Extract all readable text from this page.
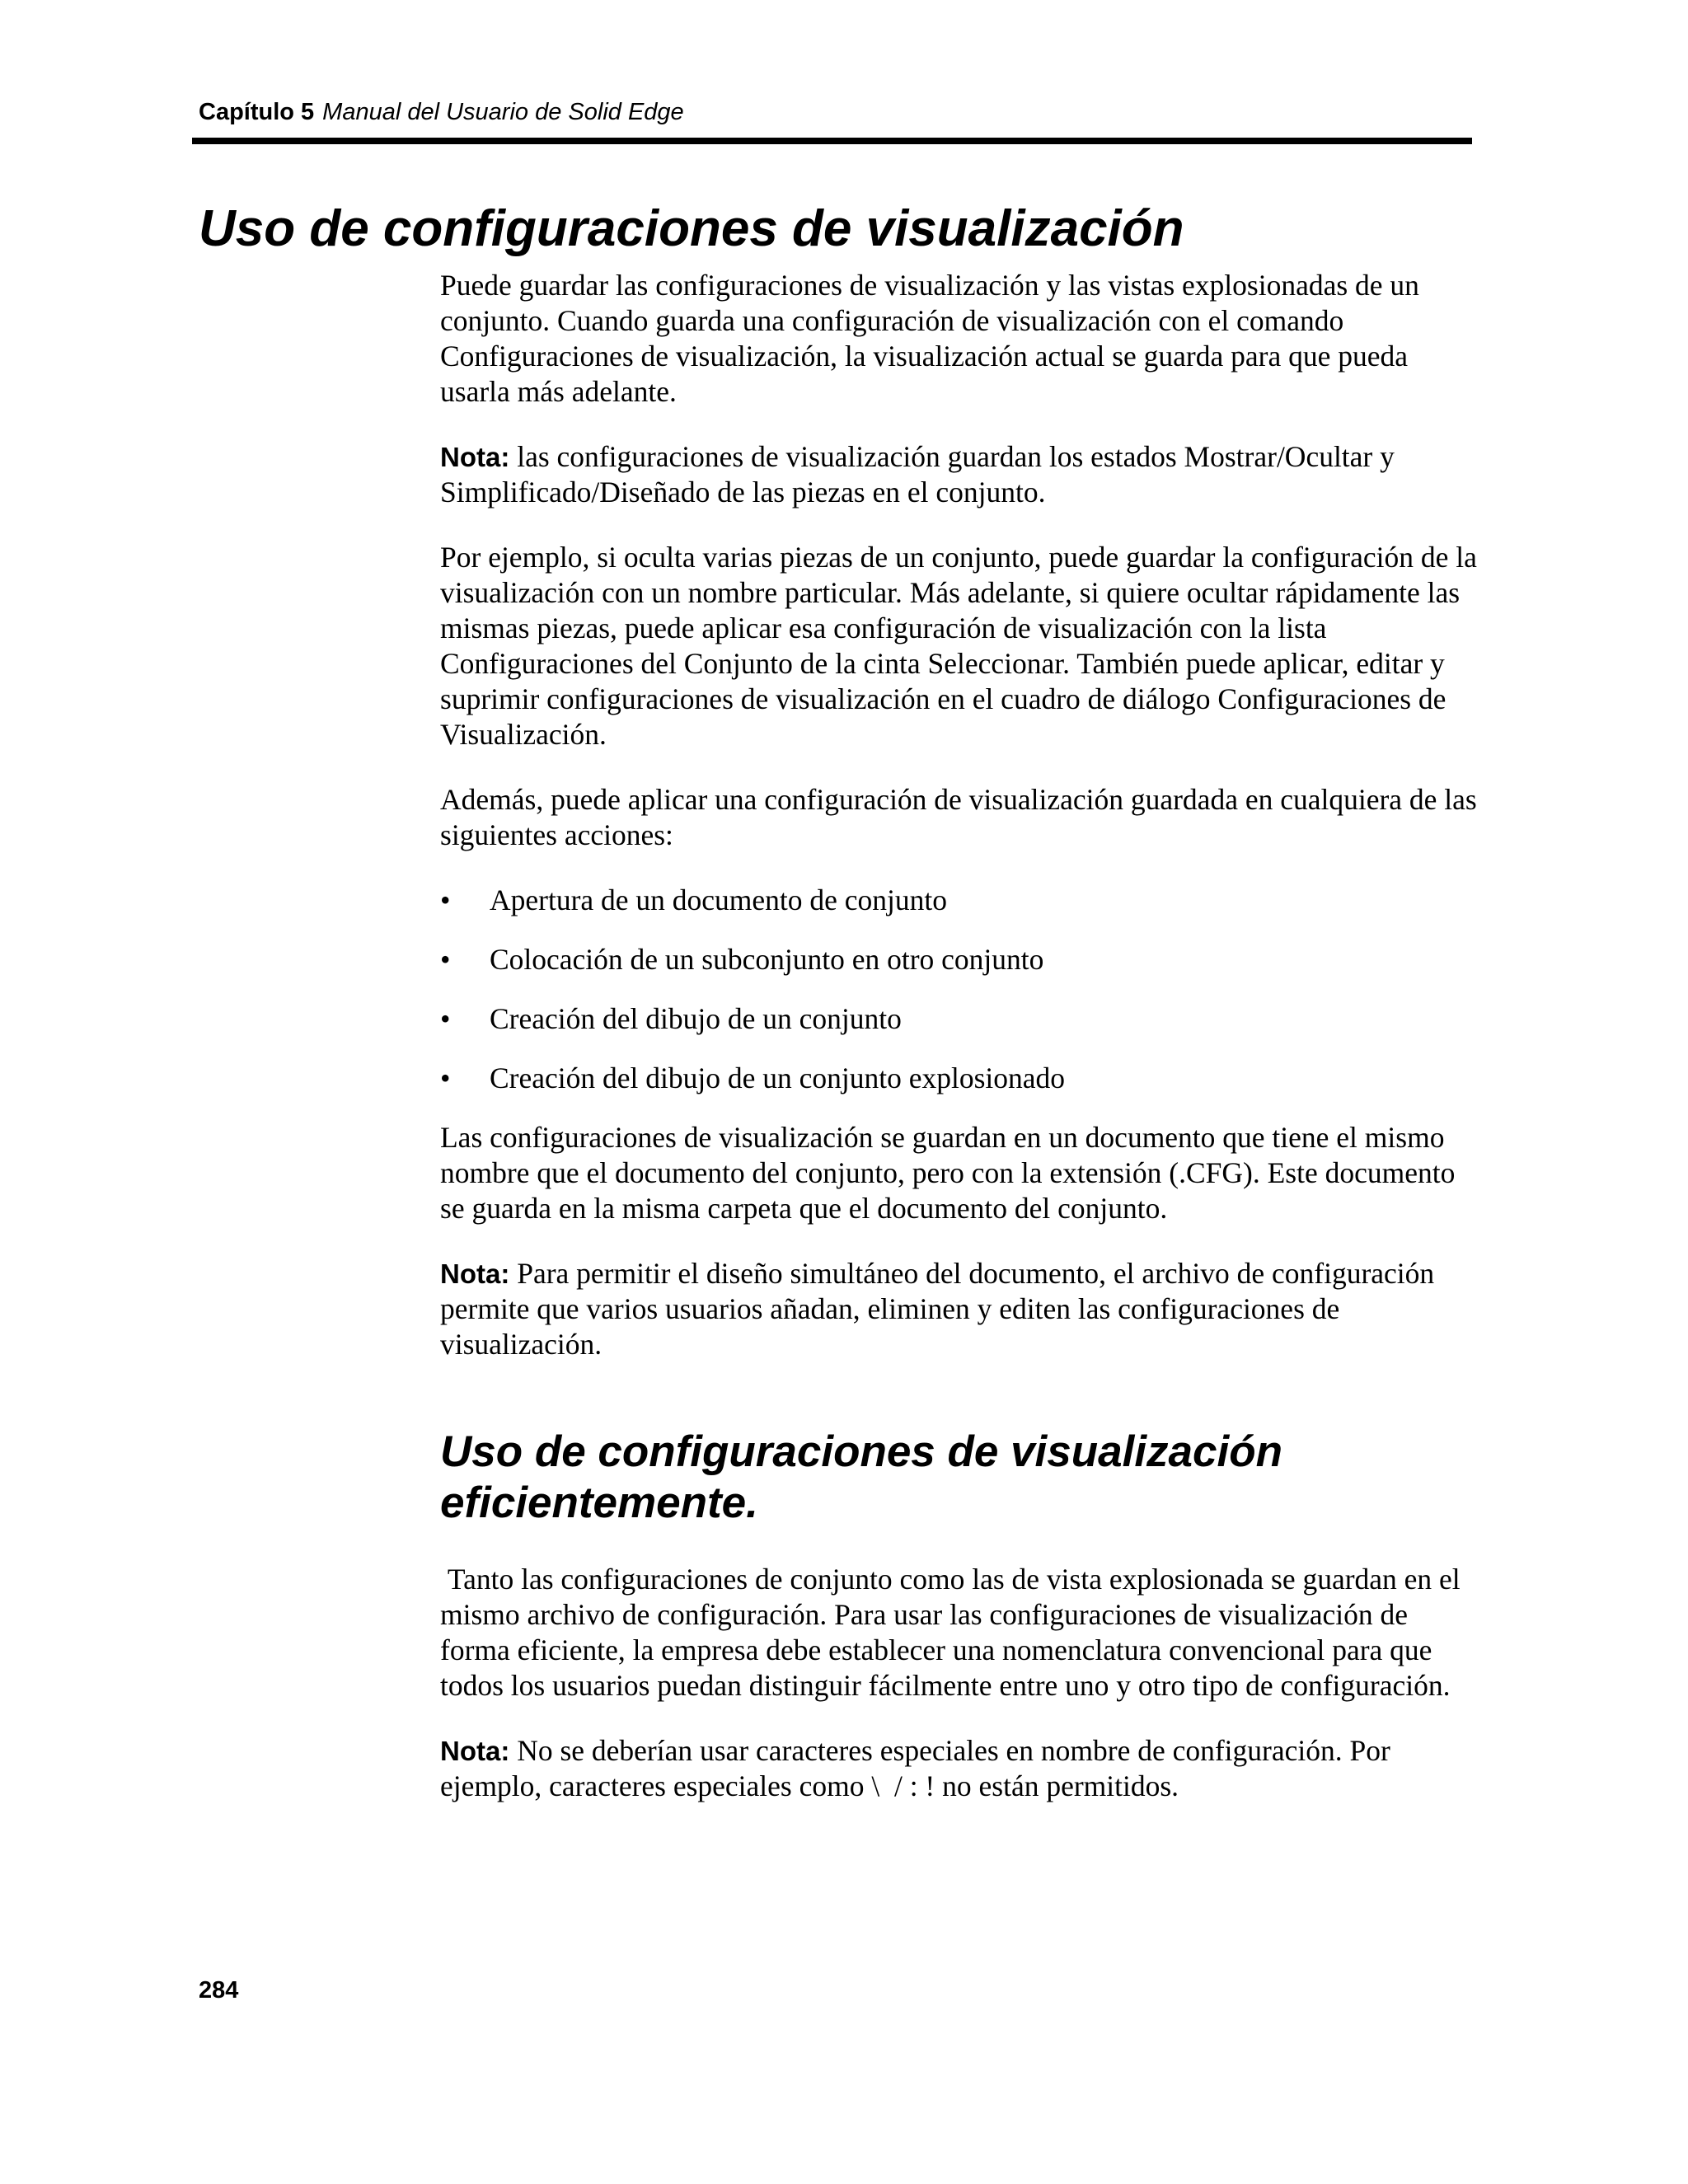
Capítulo 5 Manual del Usuario de Solid Edge
Uso de configuraciones de visualización

Puede guardar las configuraciones de visualización y las vistas explosionadas de un conjunto. Cuando guarda una configuración de visualización con el comando Configuraciones de visualización, la visualización actual se guarda para que pueda usarla más adelante.

Nota: las configuraciones de visualización guardan los estados Mostrar/Ocultar y Simplificado/Diseñado de las piezas en el conjunto.

Por ejemplo, si oculta varias piezas de un conjunto, puede guardar la configuración de la visualización con un nombre particular. Más adelante, si quiere ocultar rápidamente las mismas piezas, puede aplicar esa configuración de visualización con la lista Configuraciones del Conjunto de la cinta Seleccionar. También puede aplicar, editar y suprimir configuraciones de visualización en el cuadro de diálogo Configuraciones de Visualización.

Además, puede aplicar una configuración de visualización guardada en cualquiera de las siguientes acciones:

• Apertura de un documento de conjunto
• Colocación de un subconjunto en otro conjunto
• Creación del dibujo de un conjunto
• Creación del dibujo de un conjunto explosionado

Las configuraciones de visualización se guardan en un documento que tiene el mismo nombre que el documento del conjunto, pero con la extensión (.CFG). Este documento se guarda en la misma carpeta que el documento del conjunto.

Nota: Para permitir el diseño simultáneo del documento, el archivo de configuración permite que varios usuarios añadan, eliminen y editen las configuraciones de visualización.

Uso de configuraciones de visualización eficientemente.

Tanto las configuraciones de conjunto como las de vista explosionada se guardan en el mismo archivo de configuración. Para usar las configuraciones de visualización de forma eficiente, la empresa debe establecer una nomenclatura convencional para que todos los usuarios puedan distinguir fácilmente entre uno y otro tipo de configuración.

Nota: No se deberían usar caracteres especiales en nombre de configuración. Por ejemplo, caracteres especiales como \  / : ! no están permitidos.

284
